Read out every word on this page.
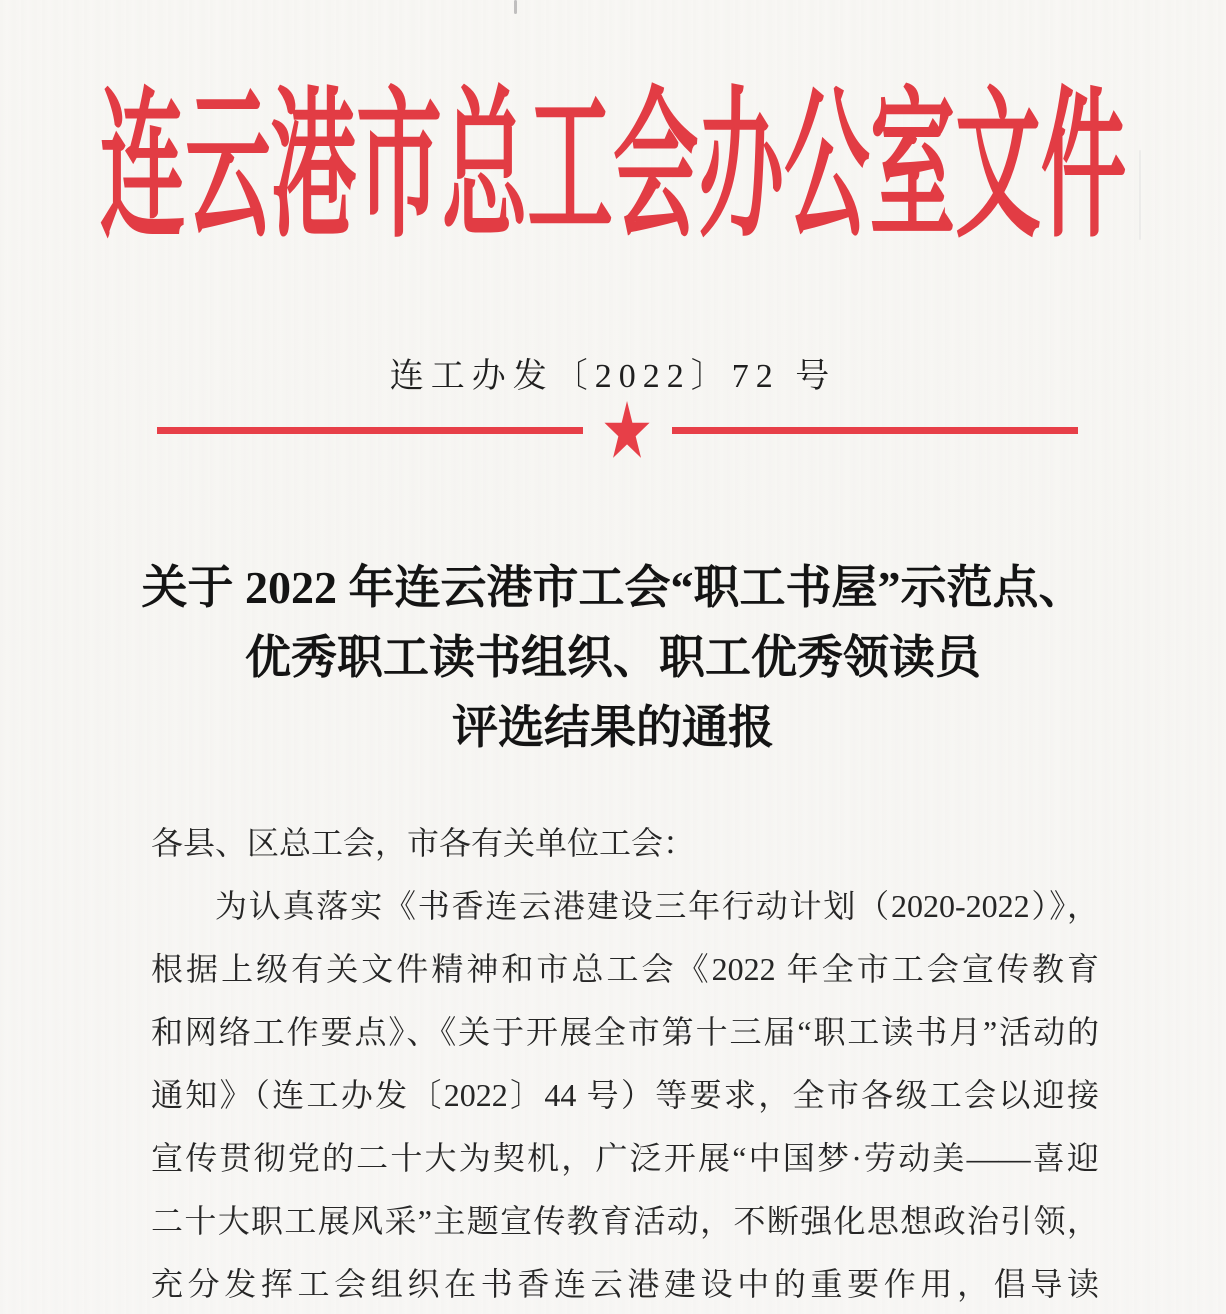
连云港市总工会办公室文件
连工办发〔2022〕72 号
★
关于 2022 年连云港市工会“职工书屋”示范点、
优秀职工读书组织、职工优秀领读员
评选结果的通报
各县、区总工会，市各有关单位工会：
为认真落实《书香连云港建设三年行动计划（2020-2022）》，
根据上级有关文件精神和市总工会《2022 年全市工会宣传教育
和网络工作要点》、《关于开展全市第十三届“职工读书月”活动的
通知》（连工办发〔2022〕44 号）等要求，全市各级工会以迎接
宣传贯彻党的二十大为契机，广泛开展“中国梦·劳动美——喜迎
二十大职工展风采”主题宣传教育活动，不断强化思想政治引领，
充分发挥工会组织在书香连云港建设中的重要作用，倡导读
